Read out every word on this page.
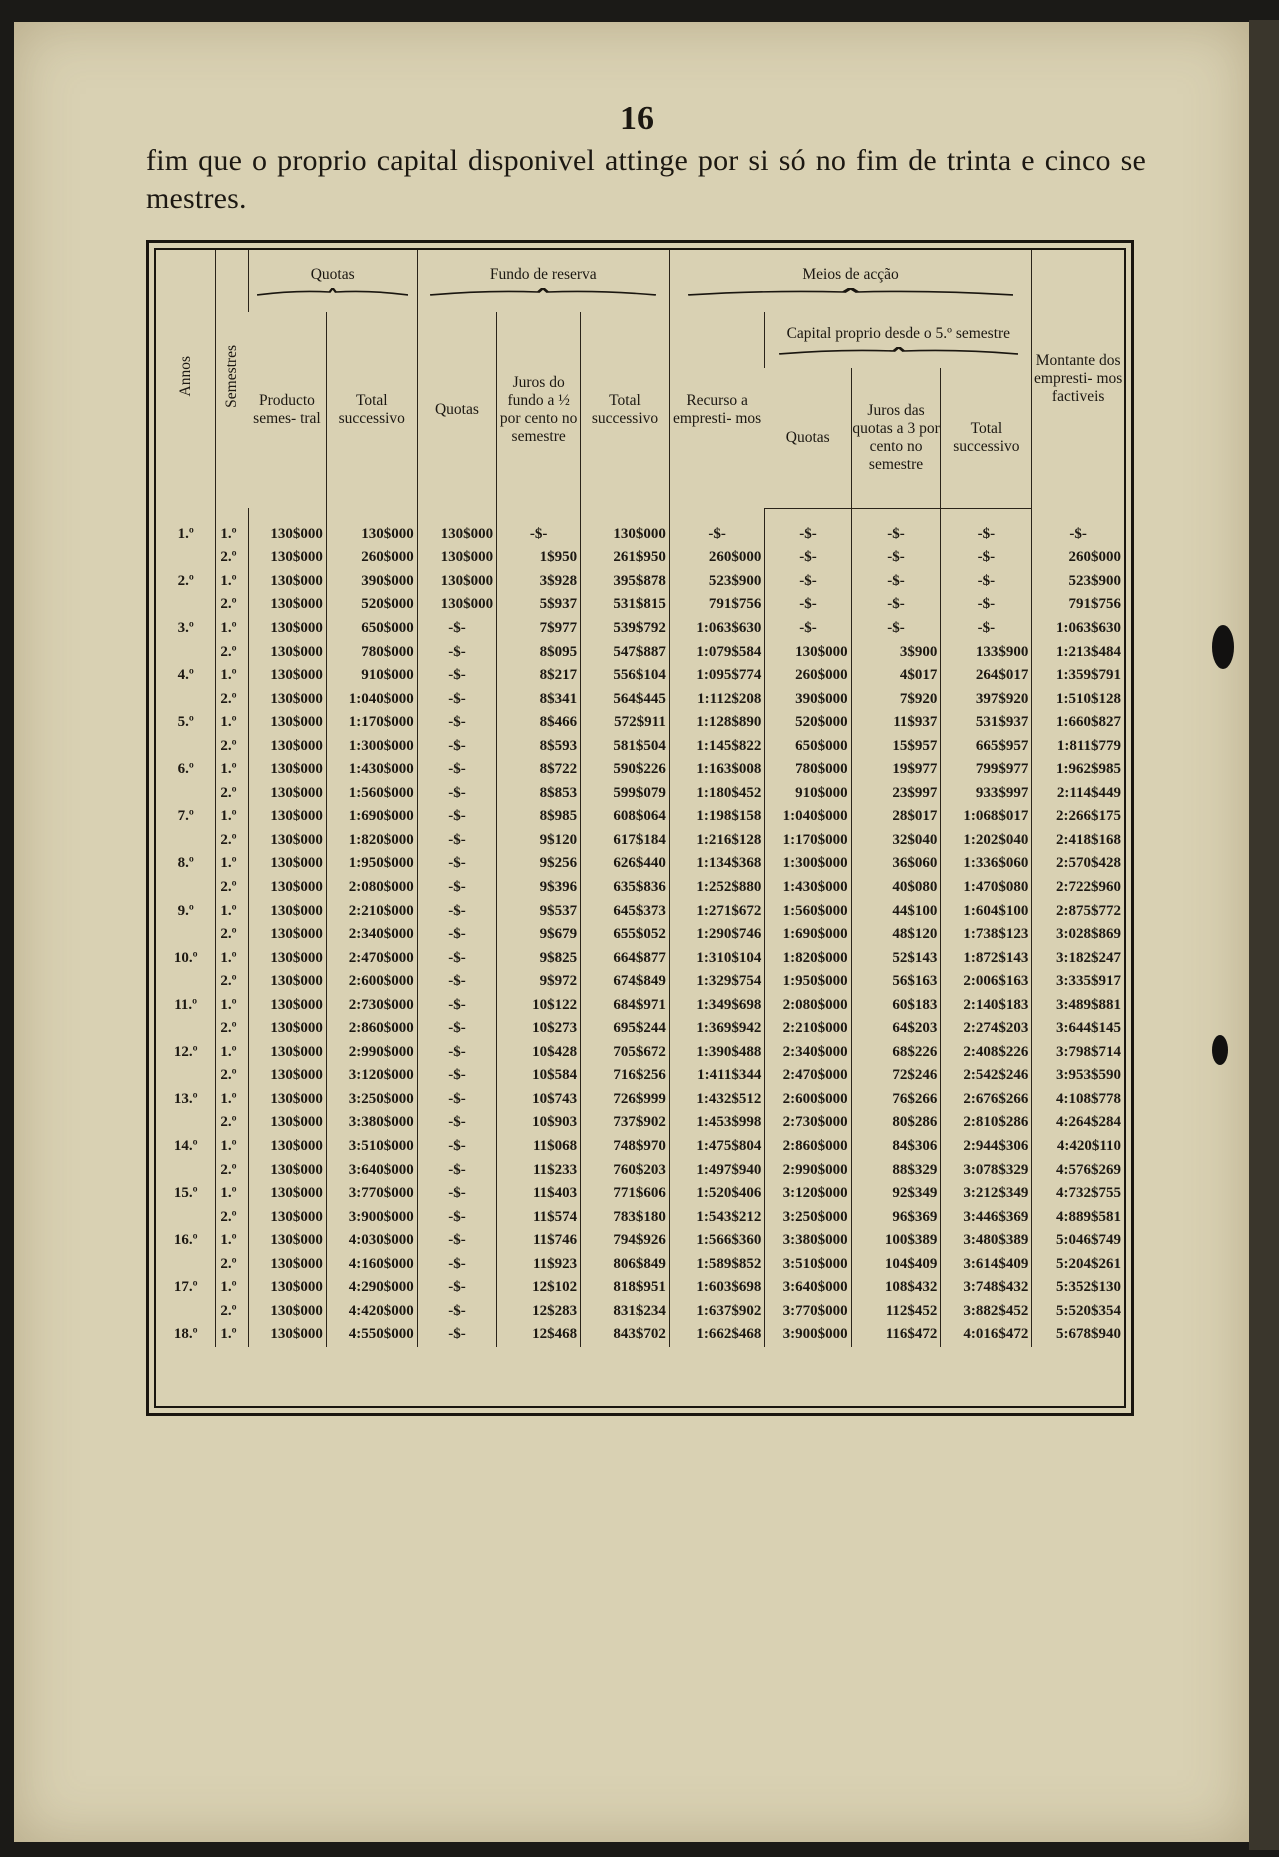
16
fim que o proprio capital disponivel attinge por si só no fim de trinta e cinco se mestres.
Annos	Semestres	Quotas		Fundo de reserva			Meios de acção				Montante dos empresti- mos factiveis
		Producto semes- tral	Total successivo	Quotas	Juros do fundo a ½ por cento no semestre	Total successivo	Recurso a empresti- mos	Capital proprio desde o 5.º semestre			

								Quotas	Juros das quotas a 3 por cento no semestre	Total successivo	

1.º	1.º	130$000	130$000	130$000	-$-	130$000	-$-	-$-	-$-	-$-	-$-
	2.º	130$000	260$000	130$000	1$950	261$950	260$000	-$-	-$-	-$-	260$000
2.º	1.º	130$000	390$000	130$000	3$928	395$878	523$900	-$-	-$-	-$-	523$900
	2.º	130$000	520$000	130$000	5$937	531$815	791$756	-$-	-$-	-$-	791$756
3.º	1.º	130$000	650$000	-$-	7$977	539$792	1:063$630	-$-	-$-	-$-	1:063$630
	2.º	130$000	780$000	-$-	8$095	547$887	1:079$584	130$000	3$900	133$900	1:213$484
4.º	1.º	130$000	910$000	-$-	8$217	556$104	1:095$774	260$000	4$017	264$017	1:359$791
	2.º	130$000	1:040$000	-$-	8$341	564$445	1:112$208	390$000	7$920	397$920	1:510$128
5.º	1.º	130$000	1:170$000	-$-	8$466	572$911	1:128$890	520$000	11$937	531$937	1:660$827
	2.º	130$000	1:300$000	-$-	8$593	581$504	1:145$822	650$000	15$957	665$957	1:811$779
6.º	1.º	130$000	1:430$000	-$-	8$722	590$226	1:163$008	780$000	19$977	799$977	1:962$985
	2.º	130$000	1:560$000	-$-	8$853	599$079	1:180$452	910$000	23$997	933$997	2:114$449
7.º	1.º	130$000	1:690$000	-$-	8$985	608$064	1:198$158	1:040$000	28$017	1:068$017	2:266$175
	2.º	130$000	1:820$000	-$-	9$120	617$184	1:216$128	1:170$000	32$040	1:202$040	2:418$168
8.º	1.º	130$000	1:950$000	-$-	9$256	626$440	1:134$368	1:300$000	36$060	1:336$060	2:570$428
	2.º	130$000	2:080$000	-$-	9$396	635$836	1:252$880	1:430$000	40$080	1:470$080	2:722$960
9.º	1.º	130$000	2:210$000	-$-	9$537	645$373	1:271$672	1:560$000	44$100	1:604$100	2:875$772
	2.º	130$000	2:340$000	-$-	9$679	655$052	1:290$746	1:690$000	48$120	1:738$123	3:028$869
10.º	1.º	130$000	2:470$000	-$-	9$825	664$877	1:310$104	1:820$000	52$143	1:872$143	3:182$247
	2.º	130$000	2:600$000	-$-	9$972	674$849	1:329$754	1:950$000	56$163	2:006$163	3:335$917
11.º	1.º	130$000	2:730$000	-$-	10$122	684$971	1:349$698	2:080$000	60$183	2:140$183	3:489$881
	2.º	130$000	2:860$000	-$-	10$273	695$244	1:369$942	2:210$000	64$203	2:274$203	3:644$145
12.º	1.º	130$000	2:990$000	-$-	10$428	705$672	1:390$488	2:340$000	68$226	2:408$226	3:798$714
	2.º	130$000	3:120$000	-$-	10$584	716$256	1:411$344	2:470$000	72$246	2:542$246	3:953$590
13.º	1.º	130$000	3:250$000	-$-	10$743	726$999	1:432$512	2:600$000	76$266	2:676$266	4:108$778
	2.º	130$000	3:380$000	-$-	10$903	737$902	1:453$998	2:730$000	80$286	2:810$286	4:264$284
14.º	1.º	130$000	3:510$000	-$-	11$068	748$970	1:475$804	2:860$000	84$306	2:944$306	4:420$110
	2.º	130$000	3:640$000	-$-	11$233	760$203	1:497$940	2:990$000	88$329	3:078$329	4:576$269
15.º	1.º	130$000	3:770$000	-$-	11$403	771$606	1:520$406	3:120$000	92$349	3:212$349	4:732$755
	2.º	130$000	3:900$000	-$-	11$574	783$180	1:543$212	3:250$000	96$369	3:446$369	4:889$581
16.º	1.º	130$000	4:030$000	-$-	11$746	794$926	1:566$360	3:380$000	100$389	3:480$389	5:046$749
	2.º	130$000	4:160$000	-$-	11$923	806$849	1:589$852	3:510$000	104$409	3:614$409	5:204$261
17.º	1.º	130$000	4:290$000	-$-	12$102	818$951	1:603$698	3:640$000	108$432	3:748$432	5:352$130
	2.º	130$000	4:420$000	-$-	12$283	831$234	1:637$902	3:770$000	112$452	3:882$452	5:520$354
18.º	1.º	130$000	4:550$000	-$-	12$468	843$702	1:662$468	3:900$000	116$472	4:016$472	5:678$940
